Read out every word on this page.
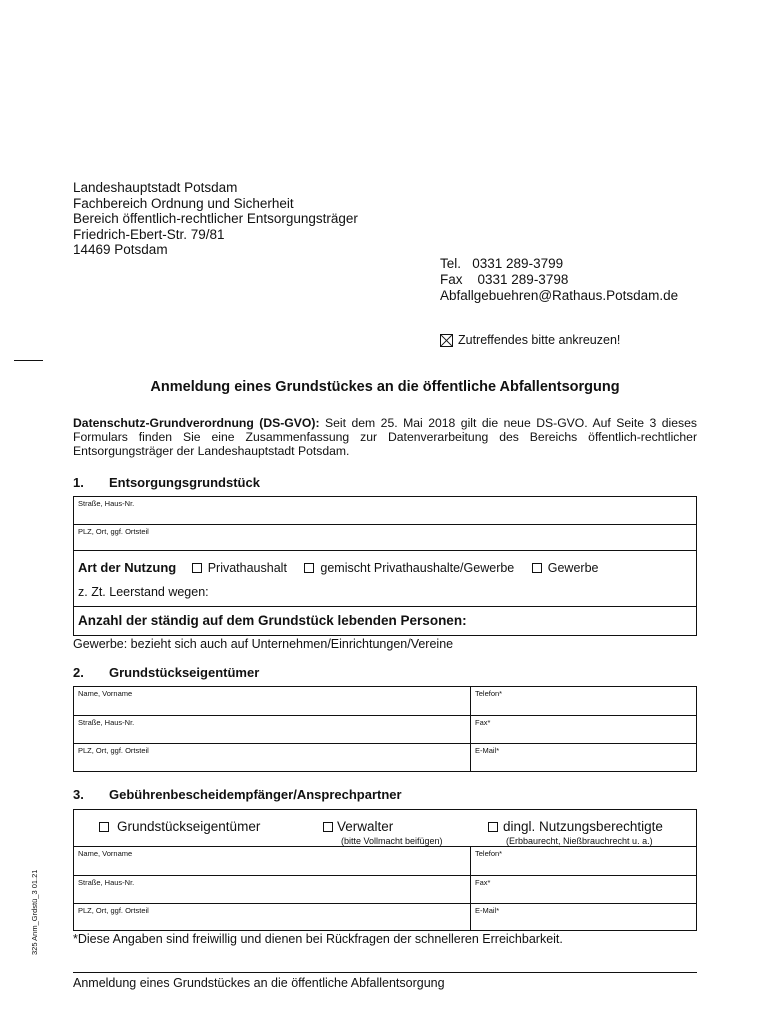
Landeshauptstadt Potsdam
Fachbereich Ordnung und Sicherheit
Bereich öffentlich-rechtlicher Entsorgungsträger
Friedrich-Ebert-Str. 79/81
14469 Potsdam
Tel.   0331 289-3799
Fax    0331 289-3798
Abfallgebuehren@Rathaus.Potsdam.de
Zutreffendes bitte ankreuzen!
Anmeldung eines Grundstückes an die öffentliche Abfallentsorgung
Datenschutz-Grundverordnung (DS-GVO): Seit dem 25. Mai 2018 gilt die neue DS-GVO. Auf Seite 3 dieses Formulars finden Sie eine Zusammenfassung zur Datenverarbeitung des Bereichs öffentlich-rechtlicher Entsorgungsträger der Landeshauptstadt Potsdam.
1. Entsorgungsgrundstück
Straße, Haus-Nr.
PLZ, Ort, ggf. Ortsteil
Art der Nutzung	Privathaushalt	gemischt Privathaushalte/Gewerbe	Gewerbe
z. Zt. Leerstand wegen:
Anzahl der ständig auf dem Grundstück lebenden Personen:
Gewerbe: bezieht sich auch auf Unternehmen/Einrichtungen/Vereine
2. Grundstückseigentümer
Name, Vorname	Telefon*
Straße, Haus-Nr.	Fax*
PLZ, Ort, ggf. Ortsteil	E-Mail*
3. Gebührenbescheidempfänger/Ansprechpartner
Grundstückseigentümer	Verwalter
(bitte Vollmacht beifügen)
dingl. Nutzungsberechtigte
(Erbbaurecht, Nießbrauchrecht u. a.)
Name, Vorname	Telefon*
Straße, Haus-Nr.	Fax*
PLZ, Ort, ggf. Ortsteil	E-Mail*
*Diese Angaben sind freiwillig und dienen bei Rückfragen der schnelleren Erreichbarkeit.
325 Anm_Grdstü_3 01.21
Anmeldung eines Grundstückes an die öffentliche Abfallentsorgung
